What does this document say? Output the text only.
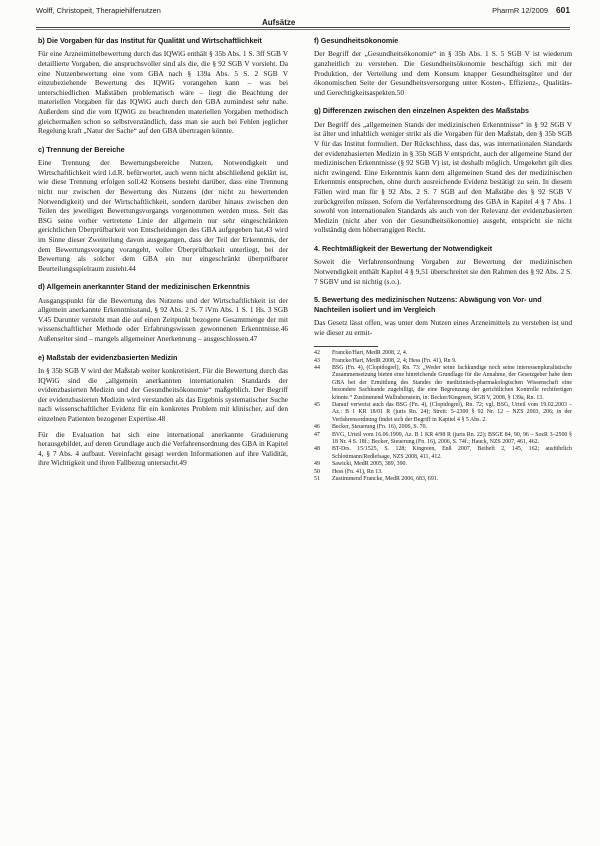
Wolff, Christopeit, Therapiehilfenutzen	PharmR 12/2009 601
Aufsätze
b) Die Vorgaben für das Institut für Qualität und Wirtschaftlichkeit

Für eine Arzneimittelbewertung durch das IQWiG enthält § 35b Abs. 1 S. 3ff SGB V detaillierte Vorgaben, die anspruchsvoller sind als die, die § 92 SGB V vorsieht. Da eine Nutzenbewertung eine vom GBA nach § 139a Abs. 5 S. 2 SGB V einzubeziehende Bewertung des IQWiG vorangehen kann – was bei unterschiedlichen Maßstäben problematisch wäre – liegt die Beachtung der materiellen Vorgaben für das IQWiG auch durch den GBA zumindest sehr nahe. Außerdem sind die vom IQWiG zu beachtenden materiellen Vorgaben methodisch gleichermaßen schon so selbstverständlich, dass man sie auch bei Fehlen jeglicher Regelung kraft „Natur der Sache“ auf den GBA übertragen könnte.

c) Trennung der Bereiche

Eine Trennung der Bewertungsbereiche Nutzen, Notwendigkeit und Wirtschaftlichkeit wird i.d.R. befürwortet, auch wenn nicht abschließend geklärt ist, wie diese Trennung erfolgen soll.42 Konsens besteht darüber, dass eine Trennung nicht nur zwischen der Bewertung des Nutzens (der nicht zu bewertenden Notwendigkeit) und der Wirtschaftlichkeit, sondern darüber hinaus zwischen den Teilen des jeweiligen Bewertungsvorgangs vorgenommen werden muss. Seit das BSG seine vorher vertretene Linie der allgemein nur sehr eingeschränkten gerichtlichen Überprüfbarkeit von Entscheidungen des GBA aufgegeben hat,43 wird im Sinne dieser Zweiteilung davon ausgegangen, dass der Teil der Erkenntnis, der dem Bewertungsvorgang vorangeht, voller Überprüfbarkeit unterliegt, bei der Bewertung als solcher dem GBA ein nur eingeschränkt überprüfbarer Beurteilungsspielraum zusteht.44

d) Allgemein anerkannter Stand der medizinischen Erkenntnis

Ausgangspunkt für die Bewertung des Nutzens und der Wirtschaftlichkeit ist der allgemein anerkannte Erkenntnisstand, § 92 Abs. 2 S. 7 iVm Abs. 1 S. 1 Hs. 3 SGB V.45 Darunter versteht man die auf einen Zeitpunkt bezogene Gesamtmenge der mit wissenschaftlicher Methode oder Erfahrungswissen gewonnenen Erkenntnisse.46 Außenseiter sind – mangels allgemeiner Anerkennung – ausgeschlossen.47

e) Maßstab der evidenzbasierten Medizin

In § 35b SGB V wird der Maßstab weiter konkretisiert. Für die Bewertung durch das IQWiG sind die „allgemein anerkannten internationalen Standards der evidenzbasierten Medizin und der Gesundheitsökonomie“ maßgeblich. Der Begriff der evidenzbasierten Medizin wird verstanden als das Ergebnis systematischer Suche nach wissenschaftlicher Evidenz für ein konkretes Problem mit klinischer, auf den einzelnen Patienten bezogener Expertise.48

Für die Evaluation hat sich eine international anerkannte Graduierung herausgebildet, auf deren Grundlage auch die Verfahrensordnung des GBA in Kapitel 4, § 7 Abs. 4 aufbaut. Vereinfacht gesagt werden Informationen auf ihre Validität, ihre Wichtigkeit und ihren Fallbezug untersucht.49

f) Gesundheitsökonomie

Der Begriff der „Gesundheitsökonomie“ in § 35b Abs. 1 S. 5 SGB V ist wiederum ganzheitlich zu verstehen. Die Gesundheitsökonomie beschäftigt sich mit der Produktion, der Verteilung und dem Konsum knapper Gesundheitsgüter und der ökonomischen Seite der Gesundheitsversorgung unter Kosten-, Effizienz-, Qualitäts- und Gerechtigkeitsaspekten.50

g) Differenzen zwischen den einzelnen Aspekten des Maßstabs

Der Begriff des „allgemeinen Stands der medizinischen Erkenntnisse“ in § 92 SGB V ist älter und inhaltlich weniger strikt als die Vorgaben für den Maßstab, den § 35b SGB V für das Institut formuliert. Der Rückschluss, dass das, was internationalen Standards der evidenzbasierten Medizin in § 35b SGB V entspricht, auch der allgemeine Stand der medizinischen Erkenntnisse (§ 92 SGB V) ist, ist deshalb möglich. Umgekehrt gilt dies nicht zwingend. Eine Erkenntnis kann dem allgemeinen Stand des der medizinischen Erkenntnis entsprechen, ohne durch ausreichende Evidenz bestätigt zu sein. In diesem Fällen wird man für § 92 Abs. 2 S. 7 SGB auf den Maßstäbe des § 92 SGB V zurückgreifen müssen. Sofern die Verfahrensordnung des GBA in Kapitel 4 § 7 Abs. 1 sowohl von internationalen Standards als auch von der Relevanz der evidenzbasierten Medizin (nicht aber von der Gesundheitsökonomie) ausgeht, entspricht sie nicht vollständig dem höherrangigen Recht.

4. Rechtmäßigkeit der Bewertung der Notwendigkeit

Soweit die Verfahrensordnung Vorgaben zur Bewertung der medizinischen Notwendigkeit enthält Kapitel 4 § 9,51 überschreitet sie den Rahmen des § 92 Abs. 2 S. 7 SGBV und ist nichtig (s.o.).

5. Bewertung des medizinischen Nutzens: Abwägung von Vor- und Nachteilen isoliert und im Vergleich

Das Gesetz lässt offen, was unter dem Nutzen eines Arzneimittels zu verstehen ist und wie dieser zu ermit-

42	Francke/Hart, MedR 2008, 2, 4.
43	Francke/Hart, MedR 2008, 2, 4; Hess (Fn. 41), Rn 9.
44	BSG (Fn. 4), (Clopidogrel), Rn. 73: „Weder seine fachkundige noch seine interessenpluralistische Zusammensetzung bieten eine hinreichende Grundlage für die Annahme, der Gesetzgeber habe dem GBA bei der Ermittlung des Standes der medizinisch-pharmakologischen Wissenschaft eine besondere Sachkunde zugebilligt, die eine Begrenzung der gerichtlichen Kontrolle rechtfertigen könnte.“ Zustimmend Wallrabenstein, in: Becker/Kingreen, SGB V, 2008, § 139a, Rn. 13.
45	Darauf verweist auch das BSG (Fn. 4), (Clopidogrel), Rn. 72; vgl. BSG, Urteil vom 19.02.2003 – Az.: B 1 KR 18/01 R (juris Rn. 24); Streit: 5–2300 § 92 Nr. 12 – NZS 2003, 206; in der Verfahrensordnung findet sich der Begriff in Kapitel 4 § 5 Abs. 2.
46	Becker, Steuerung (Fn. 16), 2006, S. 70.
47	BVG, Urteil vom 16.06.1999, Az. B 1 KR 4/98 R (juris Rn. 22); BSGE 84, 90, 96 – SozR 3–2500 § 18 Nr. 4 S. 18f.; Becker, Steuerung (Fn. 16), 2006, S. 74f.; Hauck, NZS 2007, 461, 462.
48	BT-Drs. 15/1525, S. 128; Kingreen, Enß 2007, Beiheft 2, 145, 162; ausführlich Schlottmann/Redlefsage, NZS 2008, 411, 412.
49	Sawicki, MedR 2005, 389, 390.
50	Hess (Fn. 41), Rn 13.
51	Zustimmend Francke, MedR 2006, 683, 691.
